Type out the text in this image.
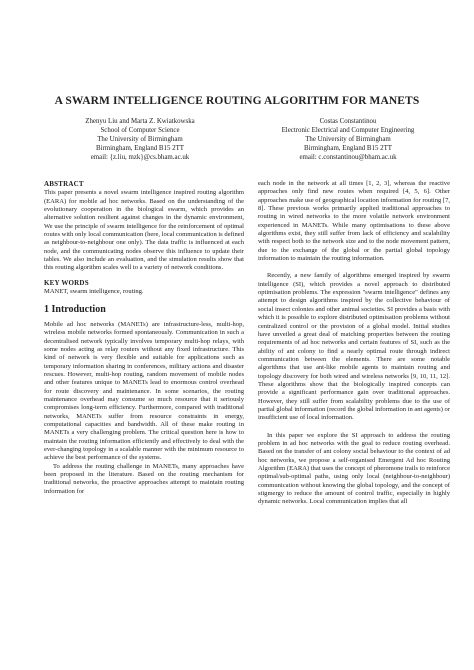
A SWARM INTELLIGENCE ROUTING ALGORITHM FOR MANETS
Zhenyu Liu and Marta Z. Kwiatkowska
School of Computer Science
The University of Birmingham
Birmingham, England B15 2TT
email: {z.liu, mzk}@cs.bham.ac.uk
Costas Constantinou
Electronic Electrical and Computer Engineering
The University of Birmingham
Birmingham, England B15 2TT
email: c.constantinou@bham.ac.uk
ABSTRACT

This paper presents a novel swarm intelligence inspired routing algorithm (EARA) for mobile ad hoc networks. Based on the understanding of the evolutionary cooperation in the biological swarm, which provides an alternative solution resilient against changes in the dynamic environment, We use the principle of swarm intelligence for the reinforcement of optimal routes with only local communication (here, local communication is defined as neighbour-to-neighbour one only). The data traffic is influenced at each node, and the communicating nodes observe this influence to update their tables. We also include an evaluation, and the simulation results show that this routing algorithm scales well to a variety of network conditions.

KEY WORDS

MANET, swarm intelligence, routing.

1 Introduction

Mobile ad hoc networks (MANETs) are infrastructure-less, multi-hop, wireless mobile networks formed spontaneously. Communication in such a decentralised network typically involves temporary multi-hop relays, with some nodes acting as relay routers without any fixed infrastructure. This kind of network is very flexible and suitable for applications such as temporary information sharing in conferences, military actions and disaster rescues. However, multi-hop routing, random movement of mobile nodes and other features unique to MANETs lead to enormous control overhead for route discovery and maintenance. In some scenarios, the routing maintenance overhead may consume so much resource that it seriously compromises long-term efficiency. Furthermore, compared with traditional networks, MANETs suffer from resource constraints in energy, computational capacities and bandwidth. All of these make routing in MANETs a very challenging problem. The critical question here is how to maintain the routing information efficiently and effectively to deal with the ever-changing topology in a scalable manner with the minimum resource to achieve the best performance of the systems.

To address the routing challenge in MANETs, many approaches have been proposed in the literature. Based on the routing mechanism for traditional networks, the proactive approaches attempt to maintain routing information for

each node in the network at all times [1, 2, 3], whereas the reactive approaches only find new routes when required [4, 5, 6]. Other approaches make use of geographical location information for routing [7, 8]. These previous works primarily applied traditional approaches to routing in wired networks to the more volatile network environment experienced in MANETs. While many optimisations to these above algorithms exist, they still suffer from lack of efficiency and scalability with respect both to the network size and to the node movement pattern, due to the exchange of the global or the partial global topology information to maintain the routing information.

Recently, a new family of algorithms emerged inspired by swarm intelligence (SI), which provides a novel approach to distributed optimisation problems. The expression "swarm intelligence" defines any attempt to design algorithms inspired by the collective behaviour of social insect colonies and other animal societies. SI provides a basis with which it is possible to explore distributed optimisation problems without centralized control or the provision of a global model. Initial studies have unveiled a great deal of matching properties between the routing requirements of ad hoc networks and certain features of SI, such as the ability of ant colony to find a nearly optimal route through indirect communication between the elements. There are some notable algorithms that use ant-like mobile agents to maintain routing and topology discovery for both wired and wireless networks [9, 10, 11, 12]. These algorithms show that the biologically inspired concepts can provide a significant performance gain over traditional approaches. However, they still suffer from scalability problems due to the use of partial global information (record the global information in ant agents) or insufficient use of local information.

In this paper we explore the SI approach to address the routing problem in ad hoc networks with the goal to reduce routing overhead. Based on the transfer of ant colony social behaviour to the context of ad hoc networks, we propose a self-organised Emergent Ad hoc Routing Algorithm (EARA) that uses the concept of pheromone trails to reinforce optimal/sub-optimal paths, using only local (neighbour-to-neighbour) communication without knowing the global topology, and the concept of stigmergy to reduce the amount of control traffic, especially in highly dynamic networks. Local communication implies that all
